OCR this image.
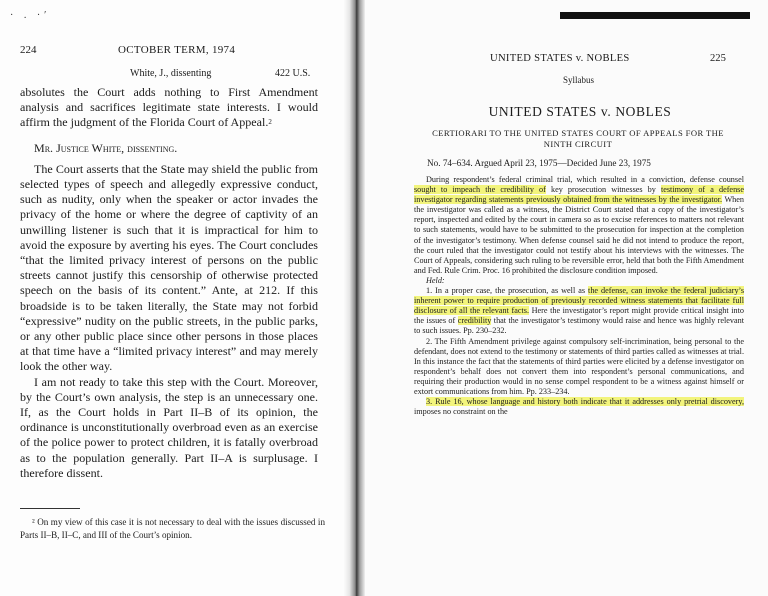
· . ·ʹ
224	OCTOBER TERM, 1974
White, J., dissenting	422 U.S.

absolutes the Court adds nothing to First Amendment analysis and sacrifices legitimate state interests. I would affirm the judgment of the Florida Court of Appeal.$^2$

Mr. Justice White, dissenting.

The Court asserts that the State may shield the public from selected types of speech and allegedly expressive conduct, such as nudity, only when the speaker or actor invades the privacy of the home or where the degree of captivity of an unwilling listener is such that it is impractical for him to avoid the exposure by averting his eyes. The Court concludes “that the limited privacy interest of persons on the public streets cannot justify this censorship of otherwise protected speech on the basis of its content.” Ante, at 212. If this broadside is to be taken literally, the State may not forbid “expressive” nudity on the public streets, in the public parks, or any other public place since other persons in those places at that time have a “limited privacy interest” and may merely look the other way.

I am not ready to take this step with the Court. Moreover, by the Court’s own analysis, the step is an unnecessary one. If, as the Court holds in Part II–B of its opinion, the ordinance is unconstitutionally overbroad even as an exercise of the police power to protect children, it is fatally overbroad as to the population generally. Part II–A is surplusage. I therefore dissent.

² On my view of this case it is not necessary to deal with the issues discussed in Parts II–B, II–C, and III of the Court’s opinion.
UNITED STATES v. NOBLES	225
Syllabus
UNITED STATES v. NOBLES
CERTIORARI TO THE UNITED STATES COURT OF APPEALS FOR THE NINTH CIRCUIT
No. 74–634. Argued April 23, 1975—Decided June 23, 1975

During respondent’s federal criminal trial, which resulted in a conviction, defense counsel sought to impeach the credibility of key prosecution witnesses by testimony of a defense investigator regarding statements previously obtained from the witnesses by the investigator. When the investigator was called as a witness, the District Court stated that a copy of the investigator’s report, inspected and edited by the court in camera so as to excise references to matters not relevant to such statements, would have to be submitted to the prosecution for inspection at the completion of the investigator’s testimony. When defense counsel said he did not intend to produce the report, the court ruled that the investigator could not testify about his interviews with the witnesses. The Court of Appeals, considering such ruling to be reversible error, held that both the Fifth Amendment and Fed. Rule Crim. Proc. 16 prohibited the disclosure condition imposed.

Held:

1. In a proper case, the prosecution, as well as the defense, can invoke the federal judiciary’s inherent power to require production of previously recorded witness statements that facilitate full disclosure of all the relevant facts. Here the investigator’s report might provide critical insight into the issues of credibility that the investigator’s testimony would raise and hence was highly relevant to such issues. Pp. 230–232.

2. The Fifth Amendment privilege against compulsory self-incrimination, being personal to the defendant, does not extend to the testimony or statements of third parties called as witnesses at trial. In this instance the fact that the statements of third parties were elicited by a defense investigator on respondent’s behalf does not convert them into respondent’s personal communications, and requiring their production would in no sense compel respondent to be a witness against himself or extort communications from him. Pp. 233–234.

3. Rule 16, whose language and history both indicate that it addresses only pretrial discovery, imposes no constraint on the
